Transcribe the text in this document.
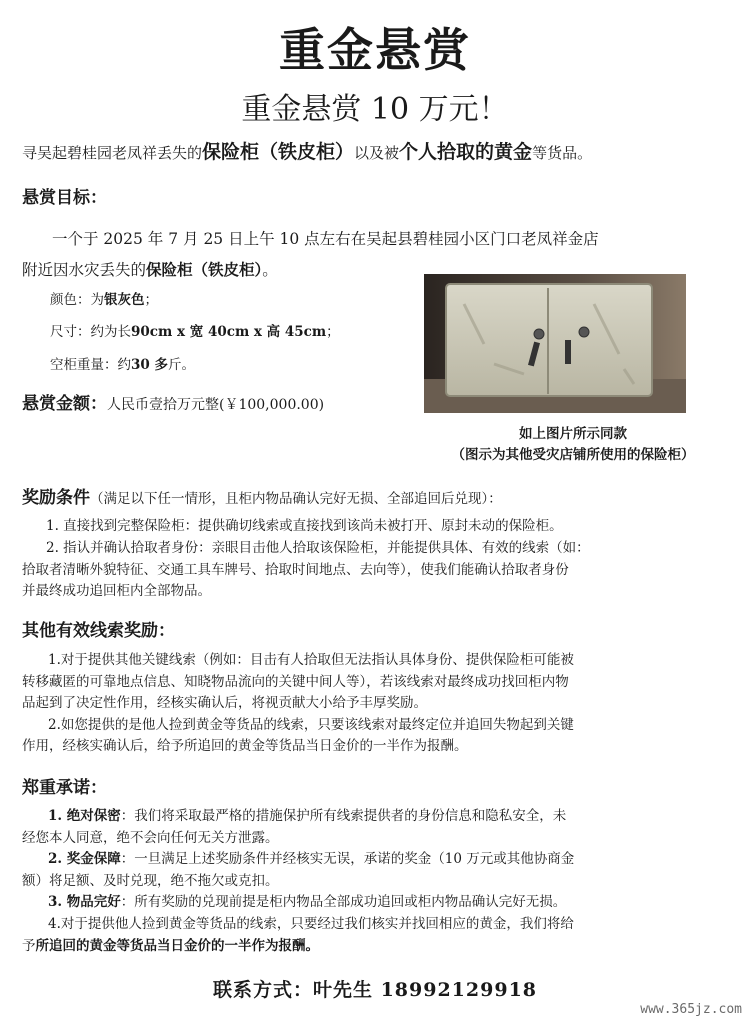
重金悬赏
重金悬赏 10 万元！
寻吴起碧桂园老凤祥丢失的保险柜（铁皮柜）以及被个人拾取的黄金等货品。
悬赏目标：
一个于 2025 年 7 月 25 日上午 10 点左右在吴起县碧桂园小区门口老凤祥金店
附近因水灾丢失的保险柜（铁皮柜）。
颜色：为银灰色；
尺寸：约为长90cm x 宽 40cm x 高 45cm；
空柜重量：约30 多斤。
悬赏金额：人民币壹拾万元整(￥100,000.00)
如上图片所示同款
（图示为其他受灾店铺所使用的保险柜）
奖励条件（满足以下任一情形，且柜内物品确认完好无损、全部追回后兑现）：
1. 直接找到完整保险柜：提供确切线索或直接找到该尚未被打开、原封未动的保险柜。
2. 指认并确认拾取者身份：亲眼目击他人拾取该保险柜，并能提供具体、有效的线索（如：
拾取者清晰外貌特征、交通工具车牌号、拾取时间地点、去向等），使我们能确认拾取者身份
并最终成功追回柜内全部物品。
其他有效线索奖励：
1.对于提供其他关键线索（例如：目击有人拾取但无法指认具体身份、提供保险柜可能被
转移藏匿的可靠地点信息、知晓物品流向的关键中间人等），若该线索对最终成功找回柜内物
品起到了决定性作用，经核实确认后，将视贡献大小给予丰厚奖励。
2.如您提供的是他人捡到黄金等货品的线索，只要该线索对最终定位并追回失物起到关键
作用，经核实确认后，给予所追回的黄金等货品当日金价的一半作为报酬。
郑重承诺：
1. 绝对保密：我们将采取最严格的措施保护所有线索提供者的身份信息和隐私安全，未
经您本人同意，绝不会向任何无关方泄露。
2. 奖金保障：一旦满足上述奖励条件并经核实无误，承诺的奖金（10 万元或其他协商金
额）将足额、及时兑现，绝不拖欠或克扣。
3. 物品完好：所有奖励的兑现前提是柜内物品全部成功追回或柜内物品确认完好无损。
4.对于提供他人捡到黄金等货品的线索，只要经过我们核实并找回相应的黄金，我们将给
予所追回的黄金等货品当日金价的一半作为报酬。
联系方式：叶先生 18992129918
www.365jz.com
